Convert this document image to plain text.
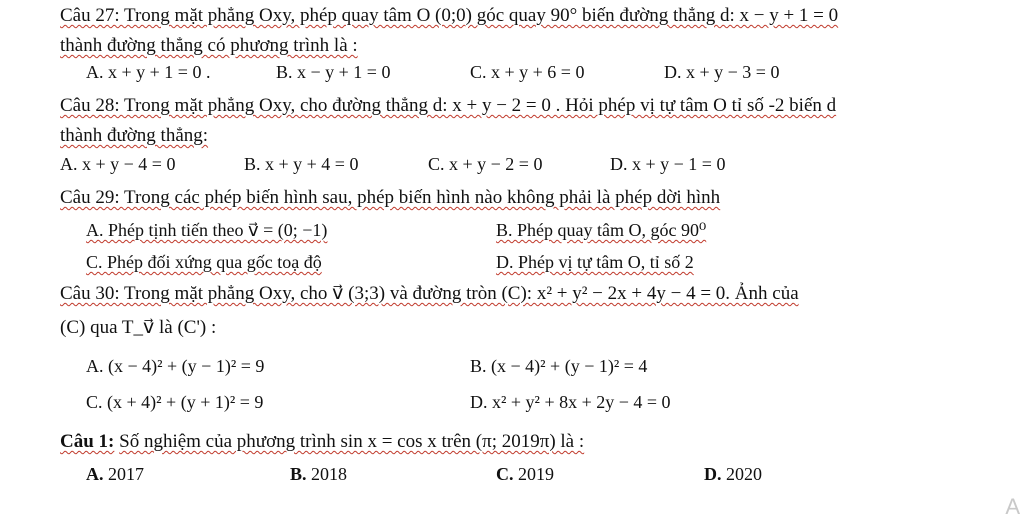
Câu 27: Trong mặt phẳng Oxy, phép quay tâm O (0;0) góc quay 90° biến đường thẳng d: x − y + 1 = 0
thành đường thẳng có phương trình là :
A. x + y + 1 = 0 .	B. x − y + 1 = 0	C. x + y + 6 = 0	D. x + y − 3 = 0
Câu 28: Trong mặt phẳng Oxy, cho đường thẳng d: x + y − 2 = 0 . Hỏi phép vị tự tâm O tỉ số -2 biến d
thành đường thẳng:
A. x + y − 4 = 0	B. x + y + 4 = 0	C. x + y − 2 = 0	D. x + y − 1 = 0
Câu 29: Trong các phép biến hình sau, phép biến hình nào không phải là phép dời hình
A. Phép tịnh tiến theo v⃗ = (0; −1)	B. Phép quay tâm O, góc 90⁰
C. Phép đối xứng qua gốc toạ độ	D. Phép vị tự tâm O, tỉ số 2
Câu 30: Trong mặt phẳng Oxy, cho v⃗ (3;3) và đường tròn (C): x² + y² − 2x + 4y − 4 = 0. Ảnh của
(C) qua T_v⃗ là (C') :
A. (x − 4)² + (y − 1)² = 9	B. (x − 4)² + (y − 1)² = 4
C. (x + 4)² + (y + 1)² = 9	D. x² + y² + 8x + 2y − 4 = 0
Câu 1: Số nghiệm của phương trình sin x = cos x trên (π; 2019π) là :
A. 2017	B. 2018	C. 2019	D. 2020
A
